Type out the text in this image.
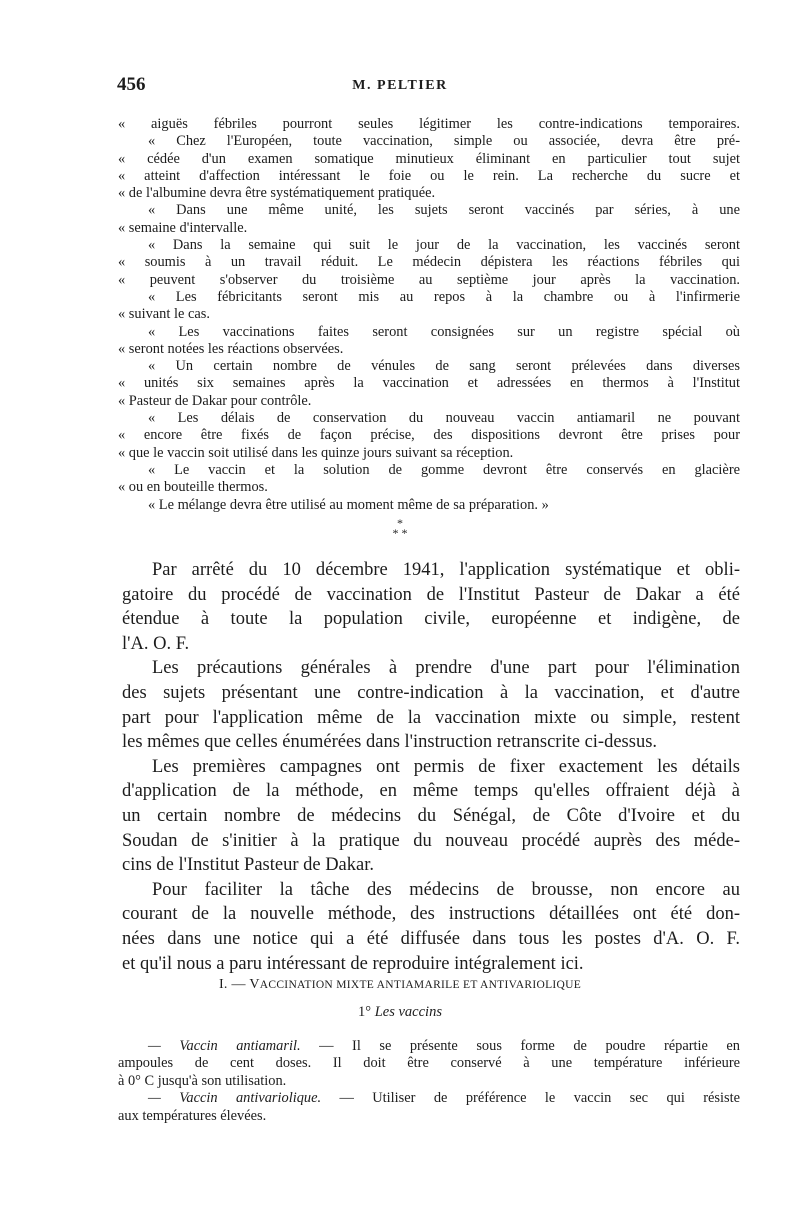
456	M. PELTIER
« aiguës fébriles pourront seules légitimer les contre-indications temporaires.
« Chez l'Européen, toute vaccination, simple ou associée, devra être pré-
« cédée d'un examen somatique minutieux éliminant en particulier tout sujet
« atteint d'affection intéressant le foie ou le rein. La recherche du sucre et
« de l'albumine devra être systématiquement pratiquée.
« Dans une même unité, les sujets seront vaccinés par séries, à une
« semaine d'intervalle.
« Dans la semaine qui suit le jour de la vaccination, les vaccinés seront
« soumis à un travail réduit. Le médecin dépistera les réactions fébriles qui
« peuvent s'observer du troisième au septième jour après la vaccination.
« Les fébricitants seront mis au repos à la chambre ou à l'infirmerie
« suivant le cas.
« Les vaccinations faites seront consignées sur un registre spécial où
« seront notées les réactions observées.
« Un certain nombre de vénules de sang seront prélevées dans diverses
« unités six semaines après la vaccination et adressées en thermos à l'Institut
« Pasteur de Dakar pour contrôle.
« Les délais de conservation du nouveau vaccin antiamaril ne pouvant
« encore être fixés de façon précise, des dispositions devront être prises pour
« que le vaccin soit utilisé dans les quinze jours suivant sa réception.
« Le vaccin et la solution de gomme devront être conservés en glacière
« ou en bouteille thermos.
« Le mélange devra être utilisé au moment même de sa préparation. »
*
* *
Par arrêté du 10 décembre 1941, l'application systématique et obli-
gatoire du procédé de vaccination de l'Institut Pasteur de Dakar a été
étendue à toute la population civile, européenne et indigène, de
l'A. O. F.
Les précautions générales à prendre d'une part pour l'élimination
des sujets présentant une contre-indication à la vaccination, et d'autre
part pour l'application même de la vaccination mixte ou simple, restent
les mêmes que celles énumérées dans l'instruction retranscrite ci-dessus.
Les premières campagnes ont permis de fixer exactement les détails
d'application de la méthode, en même temps qu'elles offraient déjà à
un certain nombre de médecins du Sénégal, de Côte d'Ivoire et du
Soudan de s'initier à la pratique du nouveau procédé auprès des méde-
cins de l'Institut Pasteur de Dakar.
Pour faciliter la tâche des médecins de brousse, non encore au
courant de la nouvelle méthode, des instructions détaillées ont été don-
nées dans une notice qui a été diffusée dans tous les postes d'A. O. F.
et qu'il nous a paru intéressant de reproduire intégralement ici.
I. — VACCINATION MIXTE ANTIAMARILE ET ANTIVARIOLIQUE
1° Les vaccins
— Vaccin antiamaril. — Il se présente sous forme de poudre répartie en
ampoules de cent doses. Il doit être conservé à une température inférieure
à 0° C jusqu'à son utilisation.
— Vaccin antivariolique. — Utiliser de préférence le vaccin sec qui résiste
aux températures élevées.
